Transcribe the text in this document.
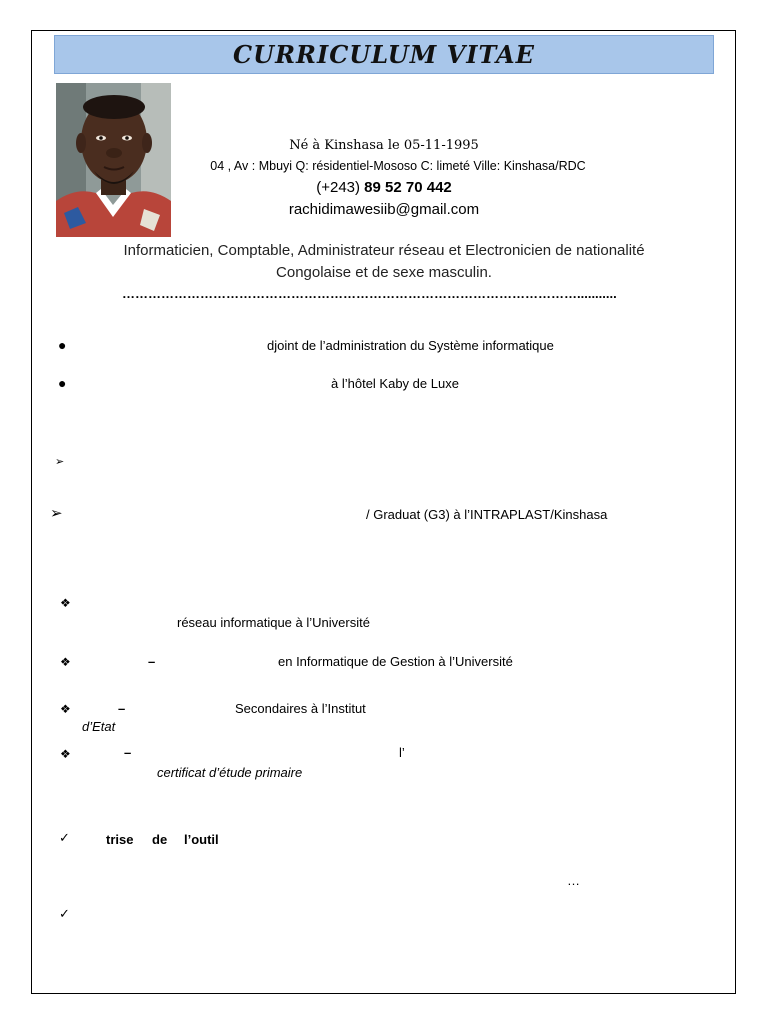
CURRICULUM VITAE
Né à Kinshasa le 05-11-1995
04 , Av : Mbuyi Q: résidentiel-Mososo C: limeté Ville: Kinshasa/RDC
(+243) 89 52 70 442
rachidimawesiib@gmail.com
Informaticien, Comptable, Administrateur réseau et Electronicien de nationalité
Congolaise et de sexe masculin.
……………………………………………………………………………………………...........
●	djoint de l’administration du Système informatique
●	à l’hôtel Kaby de Luxe
➢
➢	/ Graduat (G3) à l’INTRAPLAST/Kinshasa
❖
réseau informatique à l’Université
❖	–	en Informatique de Gestion à l’Université
❖	–	Secondaires à l’Institut
d’Etat
❖	–	l’
certificat d’étude primaire
✓	trise de l’outil
…
✓
